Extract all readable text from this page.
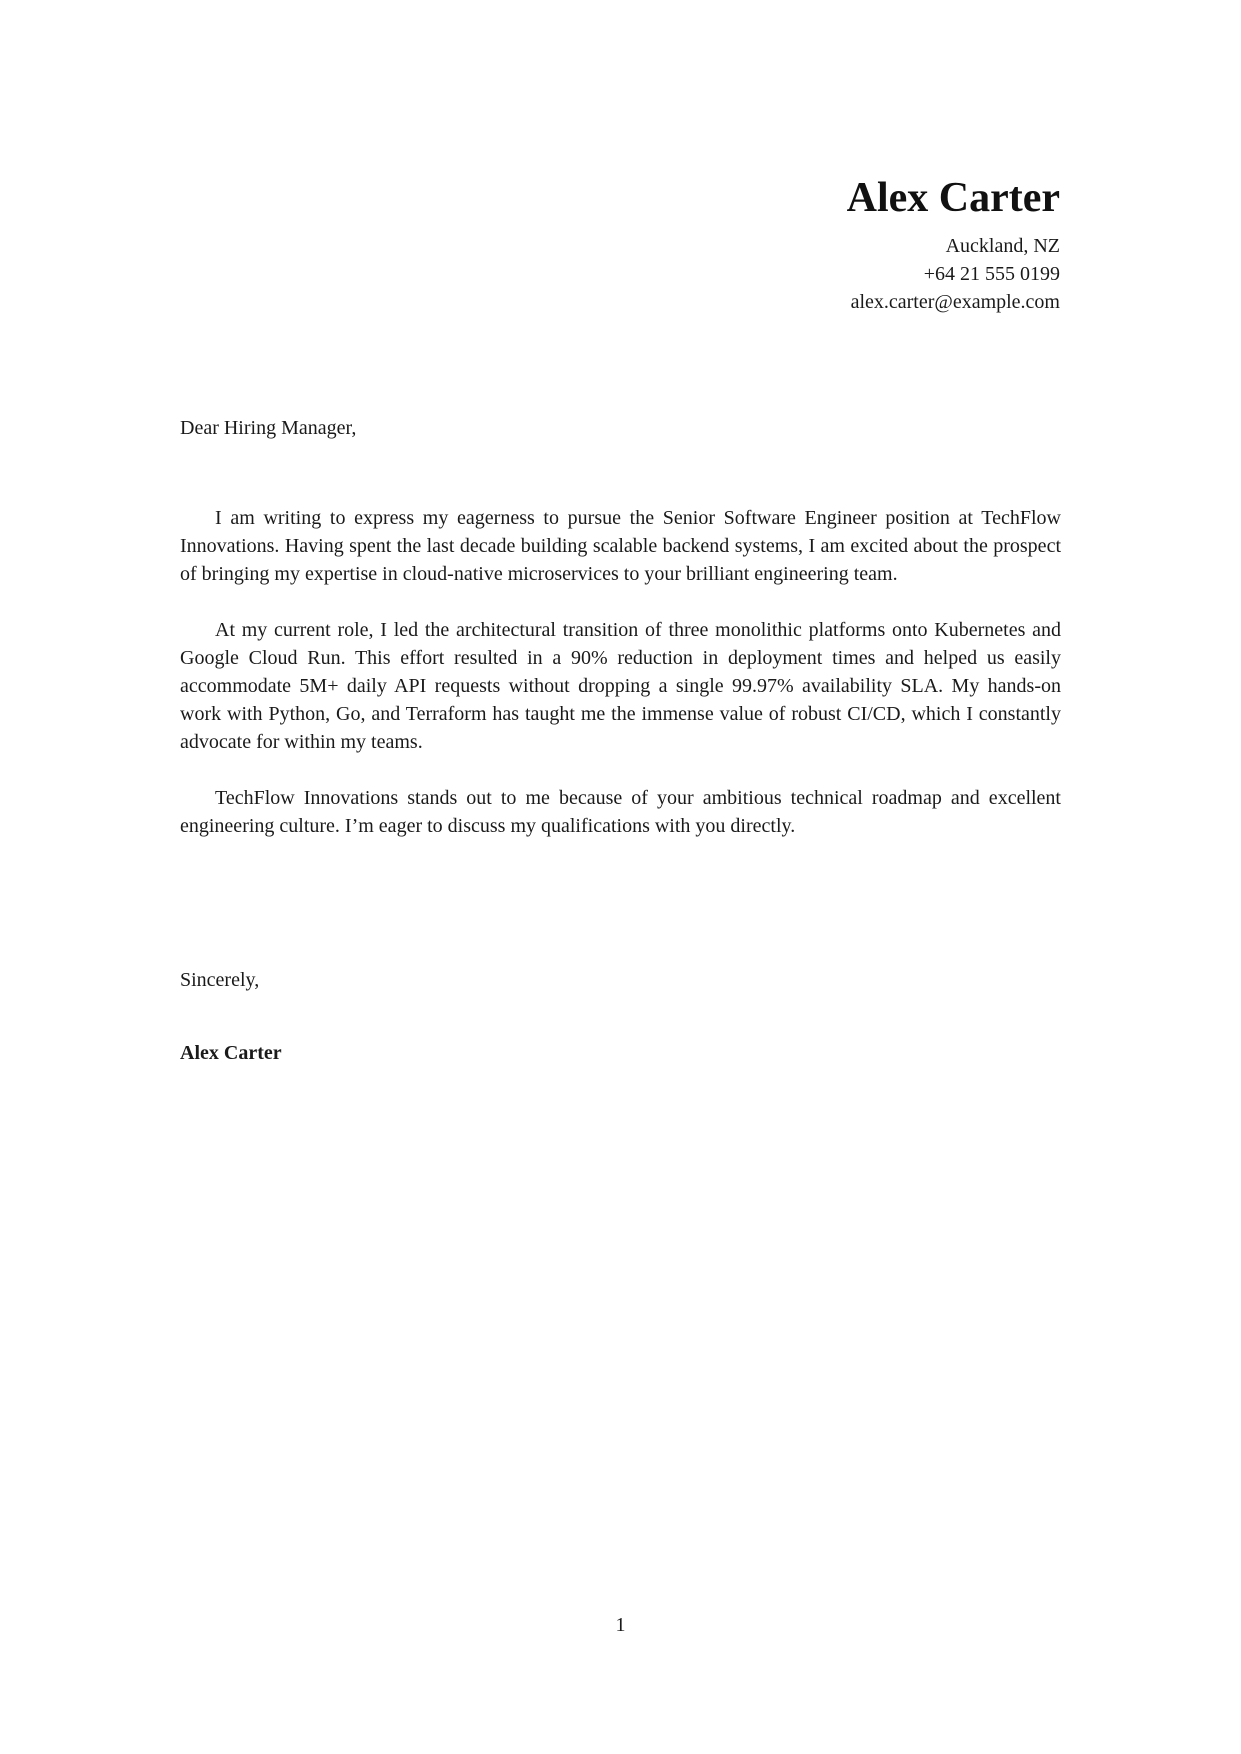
Alex Carter
Auckland, NZ
+64 21 555 0199
alex.carter@example.com
Dear Hiring Manager,

I am writing to express my eagerness to pursue the Senior Software Engineer position at TechFlow Innovations. Having spent the last decade building scalable backend systems, I am excited about the prospect of bringing my expertise in cloud-native microservices to your brilliant engineering team.

At my current role, I led the architectural transition of three monolithic platforms onto Kubernetes and Google Cloud Run. This effort resulted in a 90% reduction in deployment times and helped us easily accommodate 5M+ daily API requests without dropping a single 99.97% availability SLA. My hands-on work with Python, Go, and Terraform has taught me the immense value of robust CI/CD, which I constantly advocate for within my teams.

TechFlow Innovations stands out to me because of your ambitious technical roadmap and excellent engineering culture. I’m eager to discuss my qualifications with you directly.

Sincerely,
Alex Carter
1
